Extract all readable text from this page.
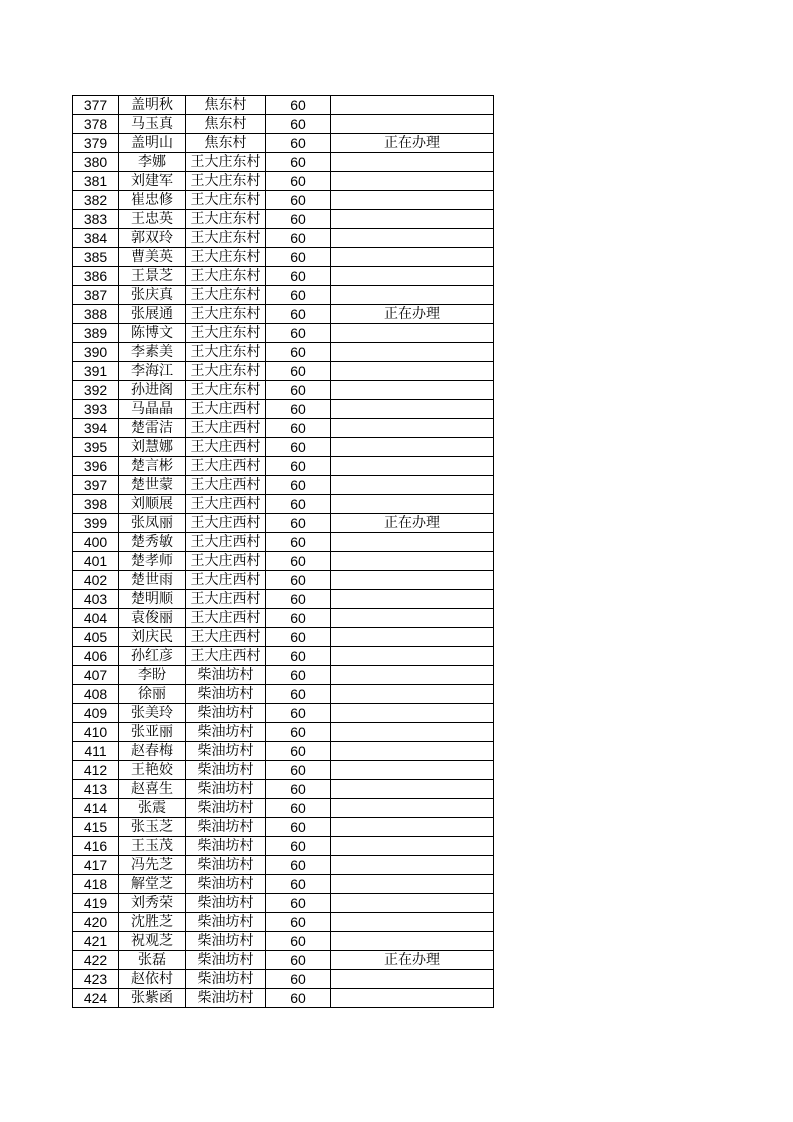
377	盖明秋	焦东村	60	
378	马玉真	焦东村	60	
379	盖明山	焦东村	60	正在办理
380	李娜	王大庄东村	60	
381	刘建军	王大庄东村	60	
382	崔忠修	王大庄东村	60	
383	王忠英	王大庄东村	60	
384	郭双玲	王大庄东村	60	
385	曹美英	王大庄东村	60	
386	王景芝	王大庄东村	60	
387	张庆真	王大庄东村	60	
388	张展通	王大庄东村	60	正在办理
389	陈博文	王大庄东村	60	
390	李素美	王大庄东村	60	
391	李海江	王大庄东村	60	
392	孙进阁	王大庄东村	60	
393	马晶晶	王大庄西村	60	
394	楚雷洁	王大庄西村	60	
395	刘慧娜	王大庄西村	60	
396	楚言彬	王大庄西村	60	
397	楚世蒙	王大庄西村	60	
398	刘顺展	王大庄西村	60	
399	张凤丽	王大庄西村	60	正在办理
400	楚秀敏	王大庄西村	60	
401	楚孝师	王大庄西村	60	
402	楚世雨	王大庄西村	60	
403	楚明顺	王大庄西村	60	
404	袁俊丽	王大庄西村	60	
405	刘庆民	王大庄西村	60	
406	孙红彦	王大庄西村	60	
407	李盼	柴油坊村	60	
408	徐丽	柴油坊村	60	
409	张美玲	柴油坊村	60	
410	张亚丽	柴油坊村	60	
411	赵春梅	柴油坊村	60	
412	王艳姣	柴油坊村	60	
413	赵喜生	柴油坊村	60	
414	张震	柴油坊村	60	
415	张玉芝	柴油坊村	60	
416	王玉茂	柴油坊村	60	
417	冯先芝	柴油坊村	60	
418	解堂芝	柴油坊村	60	
419	刘秀荣	柴油坊村	60	
420	沈胜芝	柴油坊村	60	
421	祝观芝	柴油坊村	60	
422	张磊	柴油坊村	60	正在办理
423	赵依村	柴油坊村	60	
424	张紫函	柴油坊村	60	
